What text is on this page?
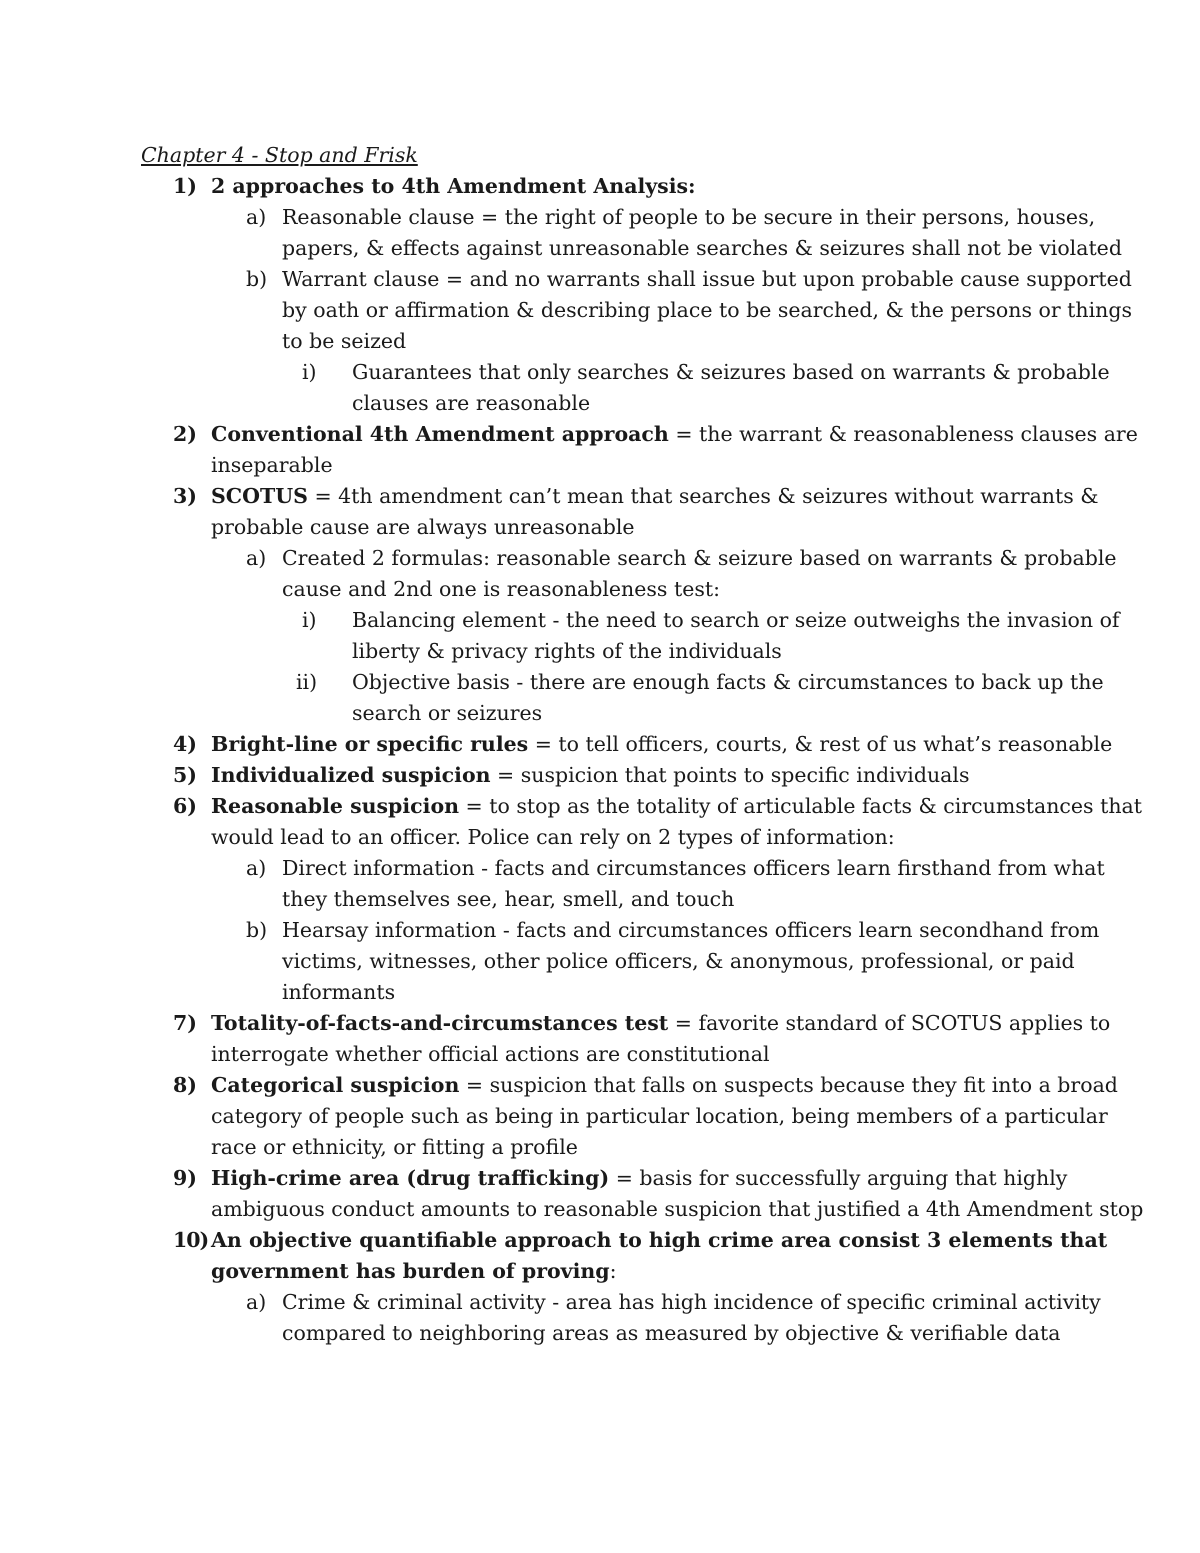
Chapter 4 - Stop and Frisk
1) 2 approaches to 4th Amendment Analysis:
a) Reasonable clause = the right of people to be secure in their persons, houses,
papers, & effects against unreasonable searches & seizures shall not be violated
b) Warrant clause = and no warrants shall issue but upon probable cause supported
by oath or affirmation & describing place to be searched, & the persons or things
to be seized
i) Guarantees that only searches & seizures based on warrants & probable
clauses are reasonable
2) Conventional 4th Amendment approach = the warrant & reasonableness clauses are
inseparable
3) SCOTUS = 4th amendment can’t mean that searches & seizures without warrants &
probable cause are always unreasonable
a) Created 2 formulas: reasonable search & seizure based on warrants & probable
cause and 2nd one is reasonableness test:
i) Balancing element - the need to search or seize outweighs the invasion of
liberty & privacy rights of the individuals
ii) Objective basis - there are enough facts & circumstances to back up the
search or seizures
4) Bright-line or specific rules = to tell officers, courts, & rest of us what’s reasonable
5) Individualized suspicion = suspicion that points to specific individuals
6) Reasonable suspicion = to stop as the totality of articulable facts & circumstances that
would lead to an officer. Police can rely on 2 types of information:
a) Direct information - facts and circumstances officers learn firsthand from what
they themselves see, hear, smell, and touch
b) Hearsay information - facts and circumstances officers learn secondhand from
victims, witnesses, other police officers, & anonymous, professional, or paid
informants
7) Totality-of-facts-and-circumstances test = favorite standard of SCOTUS applies to
interrogate whether official actions are constitutional
8) Categorical suspicion = suspicion that falls on suspects because they fit into a broad
category of people such as being in particular location, being members of a particular
race or ethnicity, or fitting a profile
9) High-crime area (drug trafficking) = basis for successfully arguing that highly
ambiguous conduct amounts to reasonable suspicion that justified a 4th Amendment stop
10) An objective quantifiable approach to high crime area consist 3 elements that
government has burden of proving:
a) Crime & criminal activity - area has high incidence of specific criminal activity
compared to neighboring areas as measured by objective & verifiable data
